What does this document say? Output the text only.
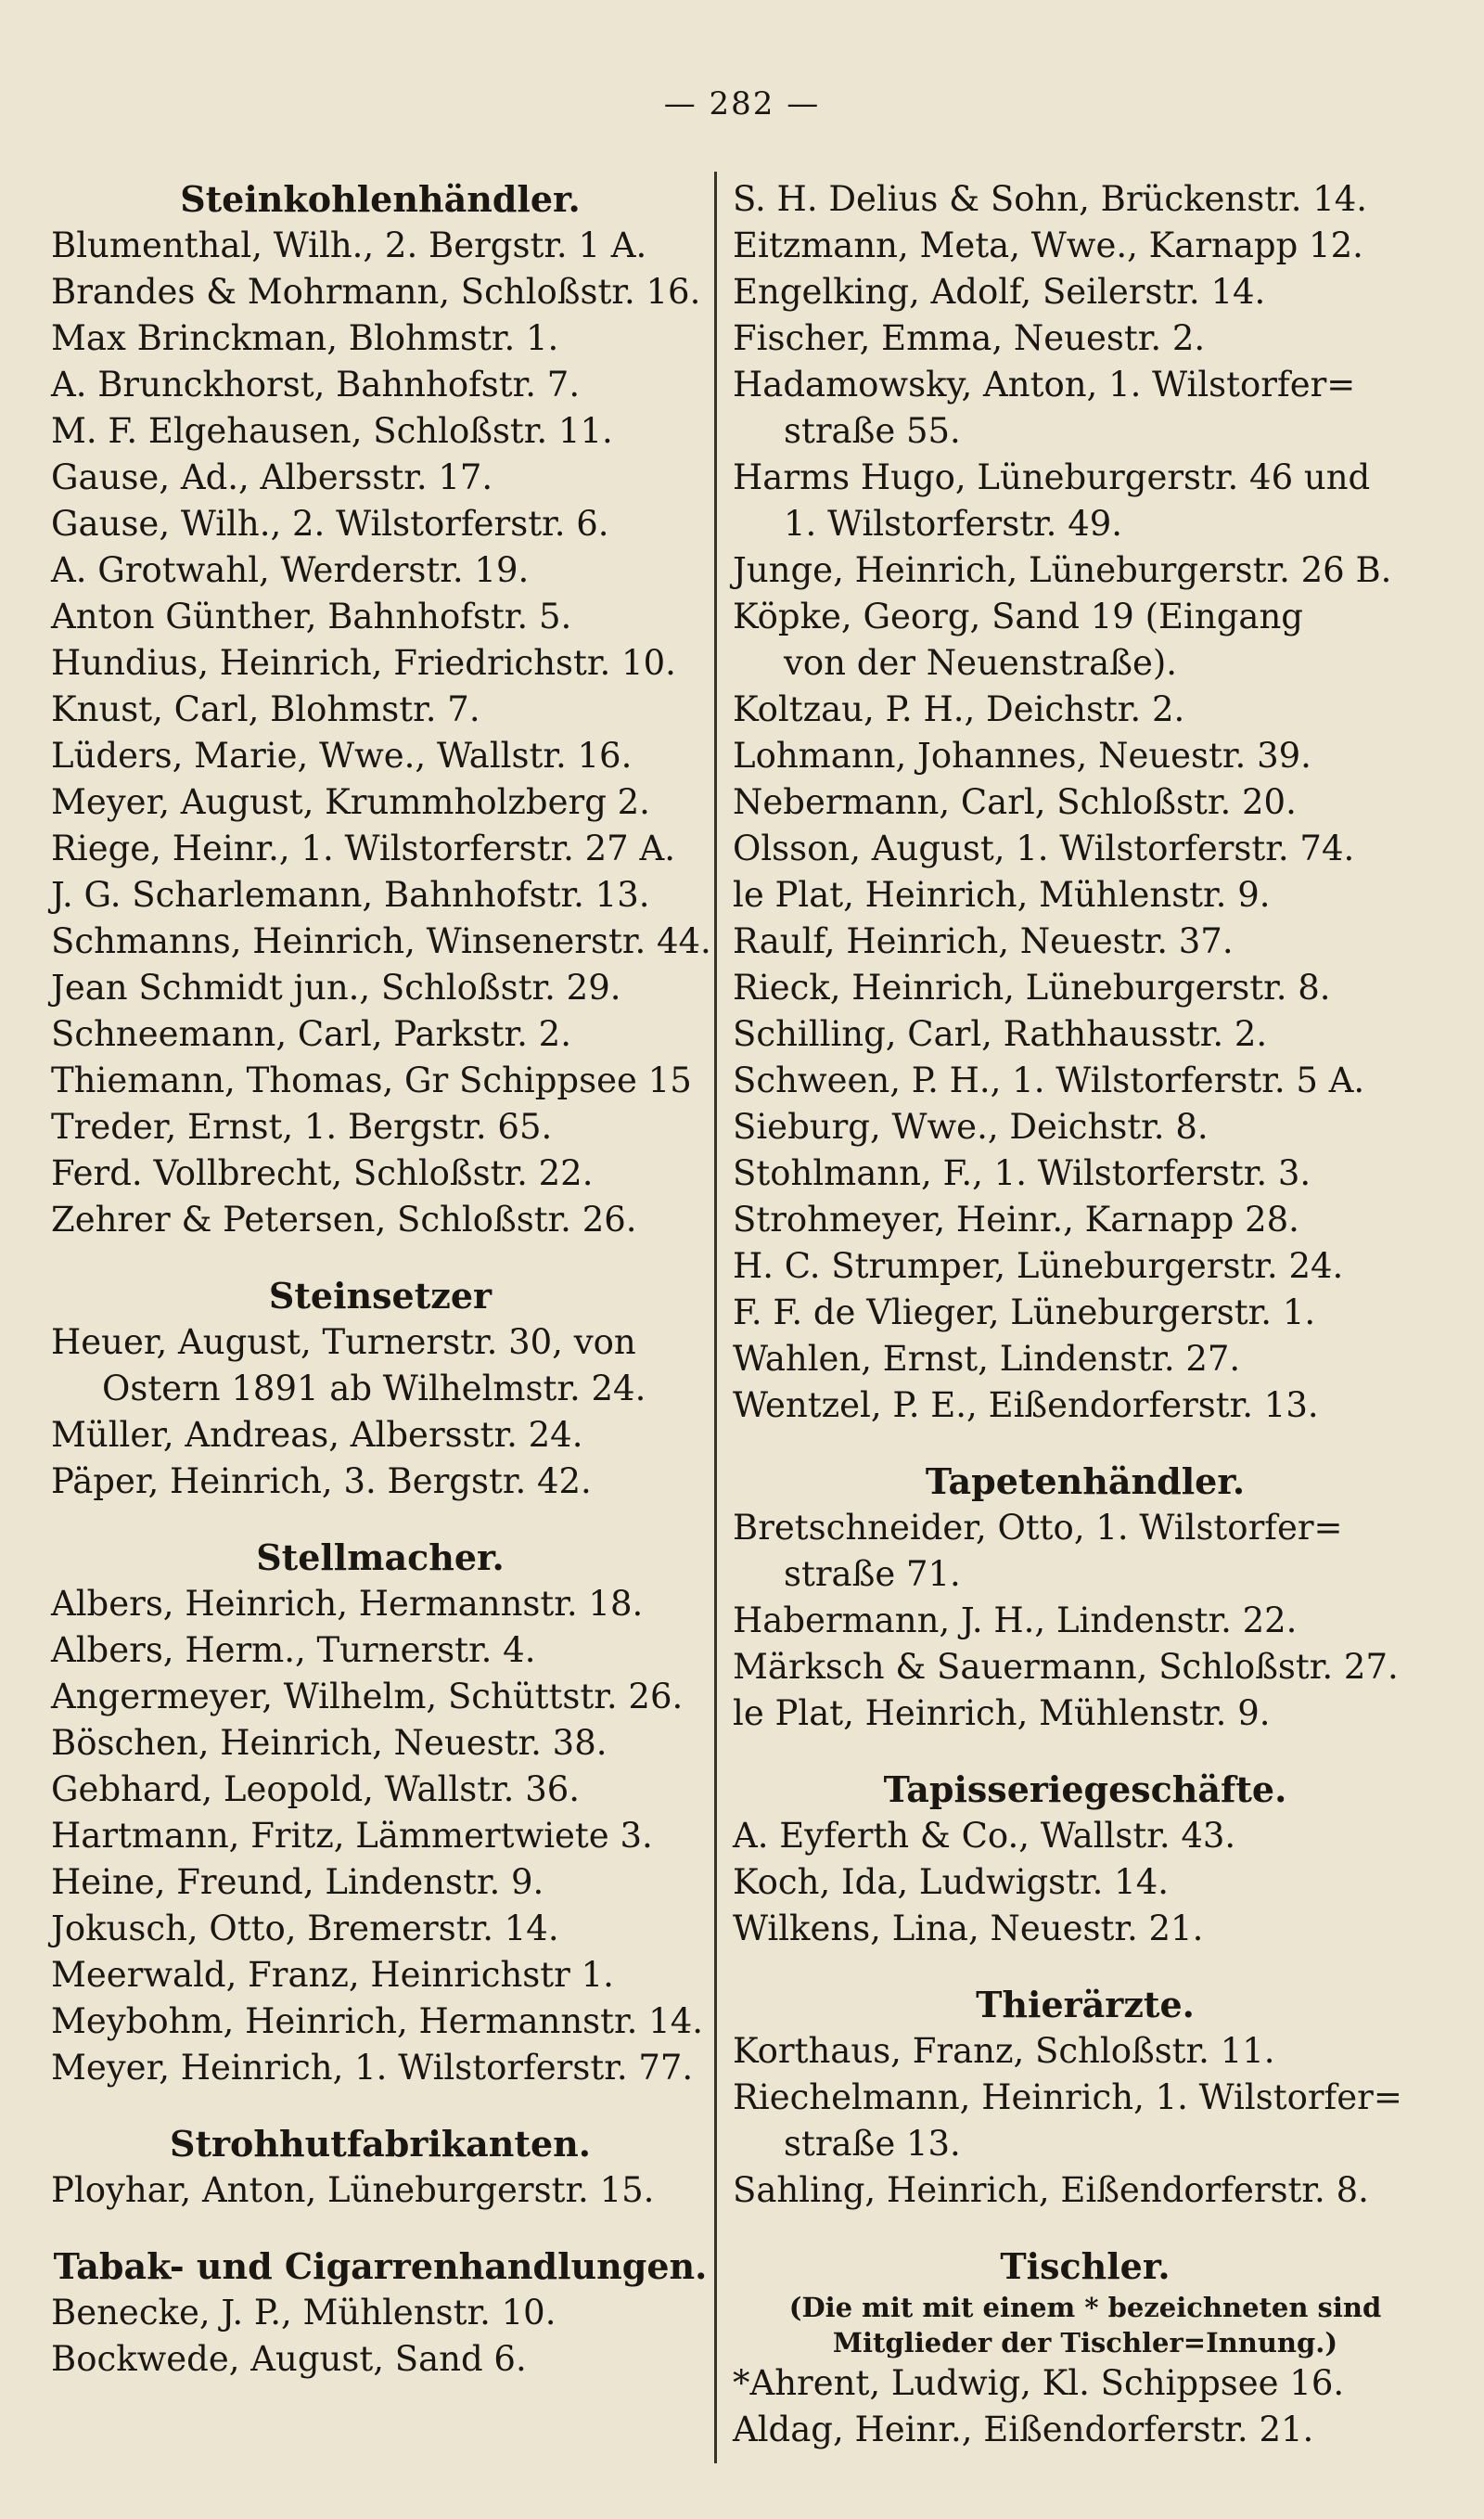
— 282 —
Steinkohlenhändler.
Blumenthal, Wilh., 2. Bergstr. 1 A.
Brandes & Mohrmann, Schloßstr. 16.
Max Brinckman, Blohmstr. 1.
A. Brunckhorst, Bahnhofstr. 7.
M. F. Elgehausen, Schloßstr. 11.
Gause, Ad., Albersstr. 17.
Gause, Wilh., 2. Wilstorferstr. 6.
A. Grotwahl, Werderstr. 19.
Anton Günther, Bahnhofstr. 5.
Hundius, Heinrich, Friedrichstr. 10.
Knust, Carl, Blohmstr. 7.
Lüders, Marie, Wwe., Wallstr. 16.
Meyer, August, Krummholzberg 2.
Riege, Heinr., 1. Wilstorferstr. 27 A.
J. G. Scharlemann, Bahnhofstr. 13.
Schmanns, Heinrich, Winsenerstr. 44.
Jean Schmidt jun., Schloßstr. 29.
Schneemann, Carl, Parkstr. 2.
Thiemann, Thomas, Gr Schippsee 15
Treder, Ernst, 1. Bergstr. 65.
Ferd. Vollbrecht, Schloßstr. 22.
Zehrer & Petersen, Schloßstr. 26.
Steinsetzer
Heuer, August, Turnerstr. 30, von
Ostern 1891 ab Wilhelmstr. 24.
Müller, Andreas, Albersstr. 24.
Päper, Heinrich, 3. Bergstr. 42.
Stellmacher.
Albers, Heinrich, Hermannstr. 18.
Albers, Herm., Turnerstr. 4.
Angermeyer, Wilhelm, Schüttstr. 26.
Böschen, Heinrich, Neuestr. 38.
Gebhard, Leopold, Wallstr. 36.
Hartmann, Fritz, Lämmertwiete 3.
Heine, Freund, Lindenstr. 9.
Jokusch, Otto, Bremerstr. 14.
Meerwald, Franz, Heinrichstr 1.
Meybohm, Heinrich, Hermannstr. 14.
Meyer, Heinrich, 1. Wilstorferstr. 77.
Strohhutfabrikanten.
Ployhar, Anton, Lüneburgerstr. 15.
Tabak- und Cigarrenhandlungen.
Benecke, J. P., Mühlenstr. 10.
Bockwede, August, Sand 6.
S. H. Delius & Sohn, Brückenstr. 14.
Eitzmann, Meta, Wwe., Karnapp 12.
Engelking, Adolf, Seilerstr. 14.
Fischer, Emma, Neuestr. 2.
Hadamowsky, Anton, 1. Wilstorfer=
straße 55.
Harms Hugo, Lüneburgerstr. 46 und
1. Wilstorferstr. 49.
Junge, Heinrich, Lüneburgerstr. 26 B.
Köpke, Georg, Sand 19 (Eingang
von der Neuenstraße).
Koltzau, P. H., Deichstr. 2.
Lohmann, Johannes, Neuestr. 39.
Nebermann, Carl, Schloßstr. 20.
Olsson, August, 1. Wilstorferstr. 74.
le Plat, Heinrich, Mühlenstr. 9.
Raulf, Heinrich, Neuestr. 37.
Rieck, Heinrich, Lüneburgerstr. 8.
Schilling, Carl, Rathhausstr. 2.
Schween, P. H., 1. Wilstorferstr. 5 A.
Sieburg, Wwe., Deichstr. 8.
Stohlmann, F., 1. Wilstorferstr. 3.
Strohmeyer, Heinr., Karnapp 28.
H. C. Strumper, Lüneburgerstr. 24.
F. F. de Vlieger, Lüneburgerstr. 1.
Wahlen, Ernst, Lindenstr. 27.
Wentzel, P. E., Eißendorferstr. 13.
Tapetenhändler.
Bretschneider, Otto, 1. Wilstorfer=
straße 71.
Habermann, J. H., Lindenstr. 22.
Märksch & Sauermann, Schloßstr. 27.
le Plat, Heinrich, Mühlenstr. 9.
Tapisseriegeschäfte.
A. Eyferth & Co., Wallstr. 43.
Koch, Ida, Ludwigstr. 14.
Wilkens, Lina, Neuestr. 21.
Thierärzte.
Korthaus, Franz, Schloßstr. 11.
Riechelmann, Heinrich, 1. Wilstorfer=
straße 13.
Sahling, Heinrich, Eißendorferstr. 8.
Tischler.
(Die mit mit einem * bezeichneten sind
Mitglieder der Tischler=Innung.)
*Ahrent, Ludwig, Kl. Schippsee 16.
Aldag, Heinr., Eißendorferstr. 21.
